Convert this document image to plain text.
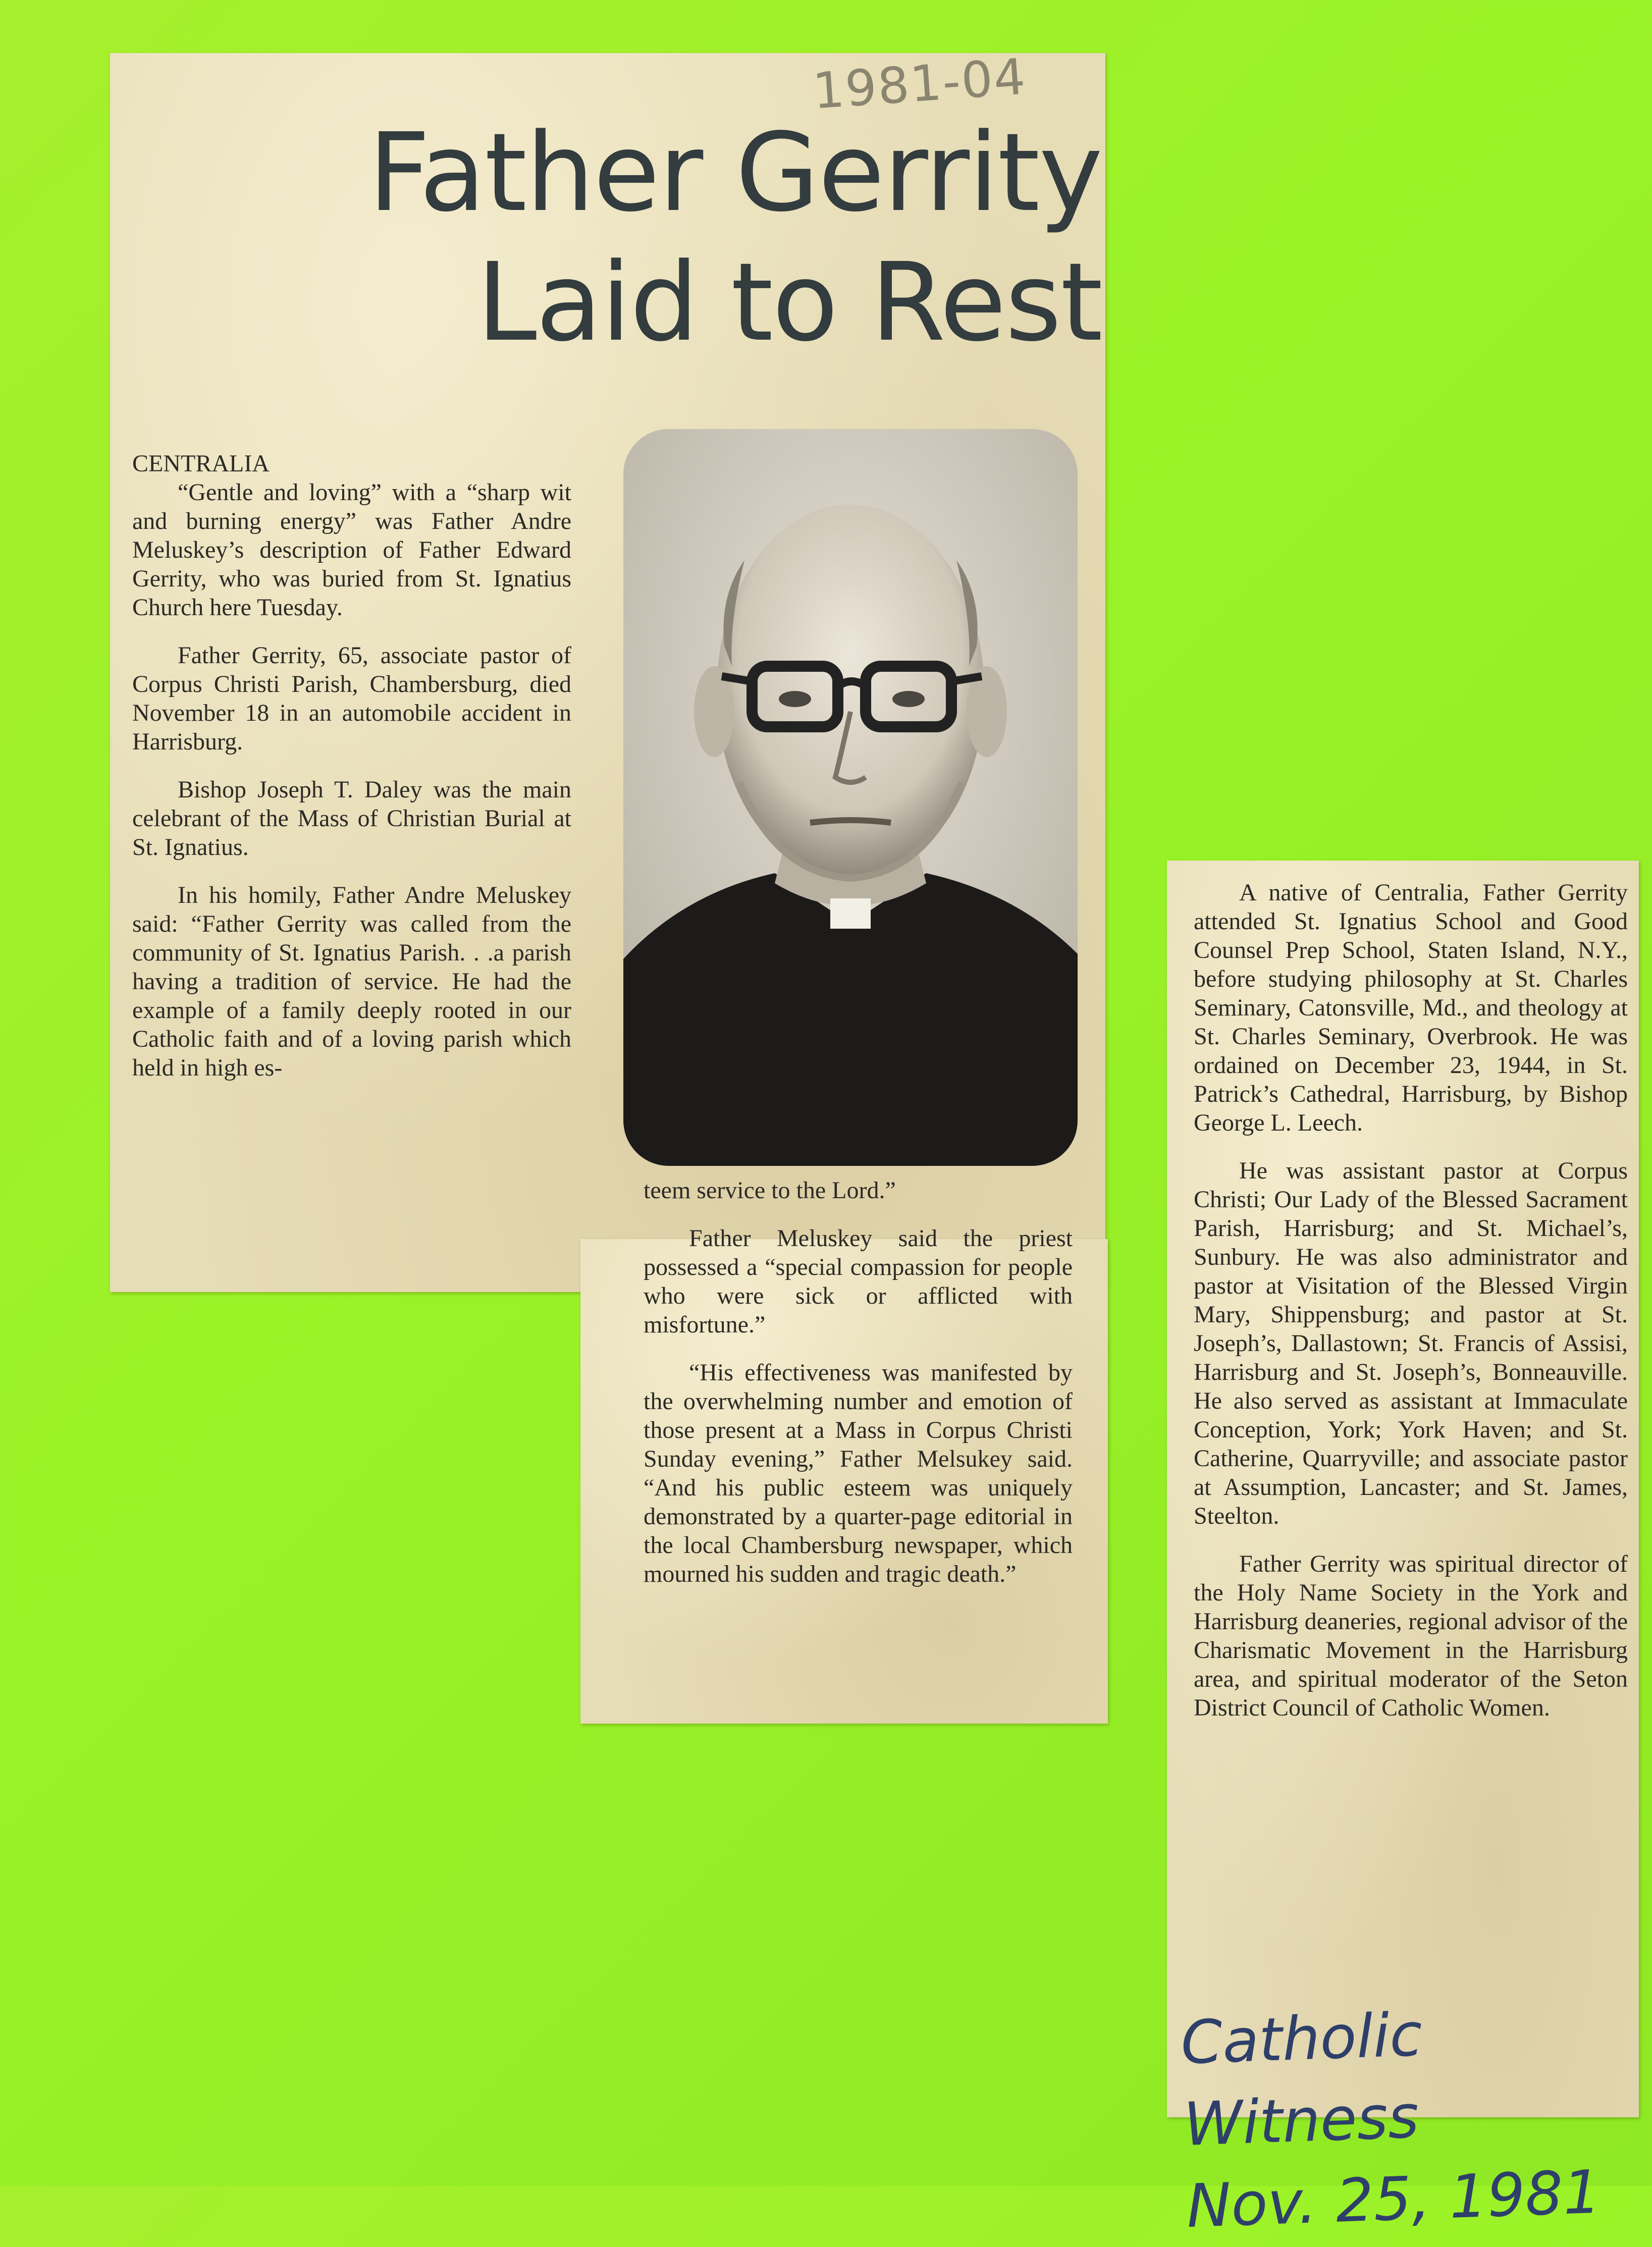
1981-04
Father Gerrity
Laid to Rest
CENTRALIA

“Gentle and loving” with a “sharp wit and burning energy” was Father Andre Meluskey’s description of Father Edward Gerrity, who was buried from St. Ignatius Church here Tuesday.

Father Gerrity, 65, associate pastor of Corpus Christi Parish, Chambersburg, died November 18 in an automobile accident in Harrisburg.

Bishop Joseph T. Daley was the main celebrant of the Mass of Christian Burial at St. Ignatius.

In his homily, Father Andre Meluskey said: “Father Gerrity was called from the community of St. Ignatius Parish. . .a parish having a tradition of service. He had the example of a family deeply rooted in our Catholic faith and of a loving parish which held in high es-

teem service to the Lord.”

Father Meluskey said the priest possessed a “special compassion for people who were sick or afflicted with misfortune.”

“His effectiveness was manifested by the overwhelming number and emotion of those present at a Mass in Corpus Christi Sunday evening,” Father Melsukey said. “And his public esteem was uniquely demonstrated by a quarter-page editorial in the local Chambersburg newspaper, which mourned his sudden and tragic death.”

A native of Centralia, Father Gerrity attended St. Ignatius School and Good Counsel Prep School, Staten Island, N.Y., before studying philosophy at St. Charles Seminary, Catonsville, Md., and theology at St. Charles Seminary, Overbrook. He was ordained on December 23, 1944, in St. Patrick’s Cathedral, Harrisburg, by Bishop George L. Leech.

He was assistant pastor at Corpus Christi; Our Lady of the Blessed Sacrament Parish, Harrisburg; and St. Michael’s, Sunbury. He was also administrator and pastor at Visitation of the Blessed Virgin Mary, Shippensburg; and pastor at St. Joseph’s, Dallastown; St. Francis of Assisi, Harrisburg and St. Joseph’s, Bonneauville. He also served as assistant at Immaculate Conception, York; York Haven; and St. Catherine, Quarryville; and associate pastor at Assumption, Lancaster; and St. James, Steelton.

Father Gerrity was spiritual director of the Holy Name Society in the York and Harrisburg deaneries, regional advisor of the Charismatic Movement in the Harrisburg area, and spiritual moderator of the Seton District Council of Catholic Women.

Catholic Witness
Nov. 25, 1981
